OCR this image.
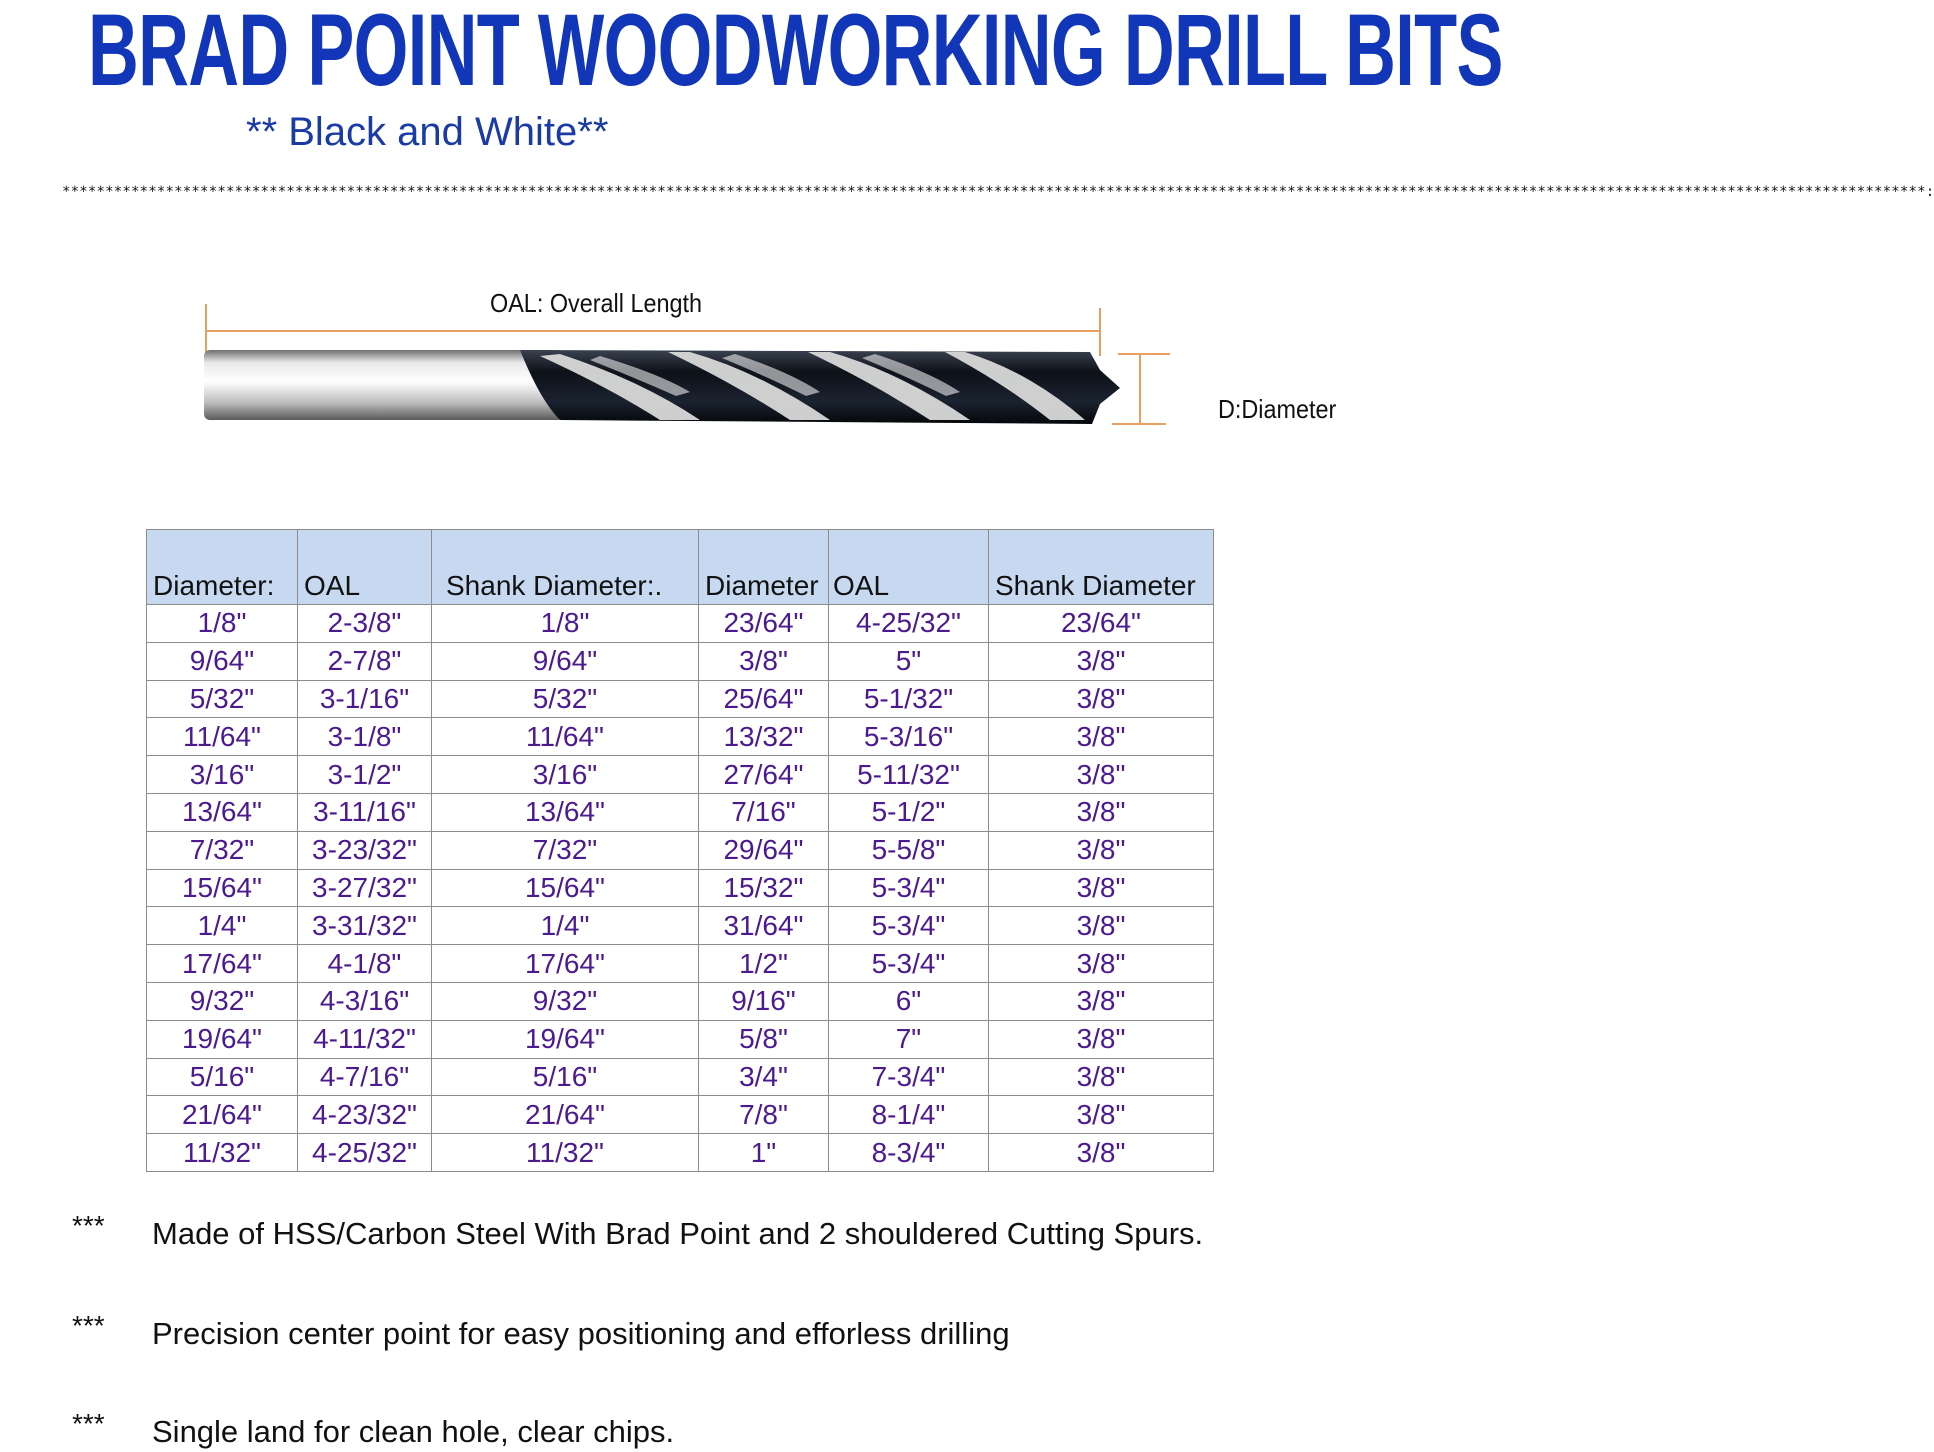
BRAD POINT WOODWORKING DRILL BITS
** Black and White**
************************************************************************************************************************************************************************************************************************:
OAL: Overall Length
D:Diameter
Diameter:	OAL	Shank Diameter:.	Diameter	OAL	Shank Diameter
1/8"	2-3/8"	1/8"	23/64"	4-25/32"	23/64"
9/64"	2-7/8"	9/64"	3/8"	5"	3/8"
5/32"	3-1/16"	5/32"	25/64"	5-1/32"	3/8"
11/64"	3-1/8"	11/64"	13/32"	5-3/16"	3/8"
3/16"	3-1/2"	3/16"	27/64"	5-11/32"	3/8"
13/64"	3-11/16"	13/64"	7/16"	5-1/2"	3/8"
7/32"	3-23/32"	7/32"	29/64"	5-5/8"	3/8"
15/64"	3-27/32"	15/64"	15/32"	5-3/4"	3/8"
1/4"	3-31/32"	1/4"	31/64"	5-3/4"	3/8"
17/64"	4-1/8"	17/64"	1/2"	5-3/4"	3/8"
9/32"	4-3/16"	9/32"	9/16"	6"	3/8"
19/64"	4-11/32"	19/64"	5/8"	7"	3/8"
5/16"	4-7/16"	5/16"	3/4"	7-3/4"	3/8"
21/64"	4-23/32"	21/64"	7/8"	8-1/4"	3/8"
11/32"	4-25/32"	11/32"	1"	8-3/4"	3/8"
*** Made of HSS/Carbon Steel With Brad Point and 2 shouldered Cutting Spurs.
*** Precision center point for easy positioning and efforless drilling
*** Single land for clean hole, clear chips.
